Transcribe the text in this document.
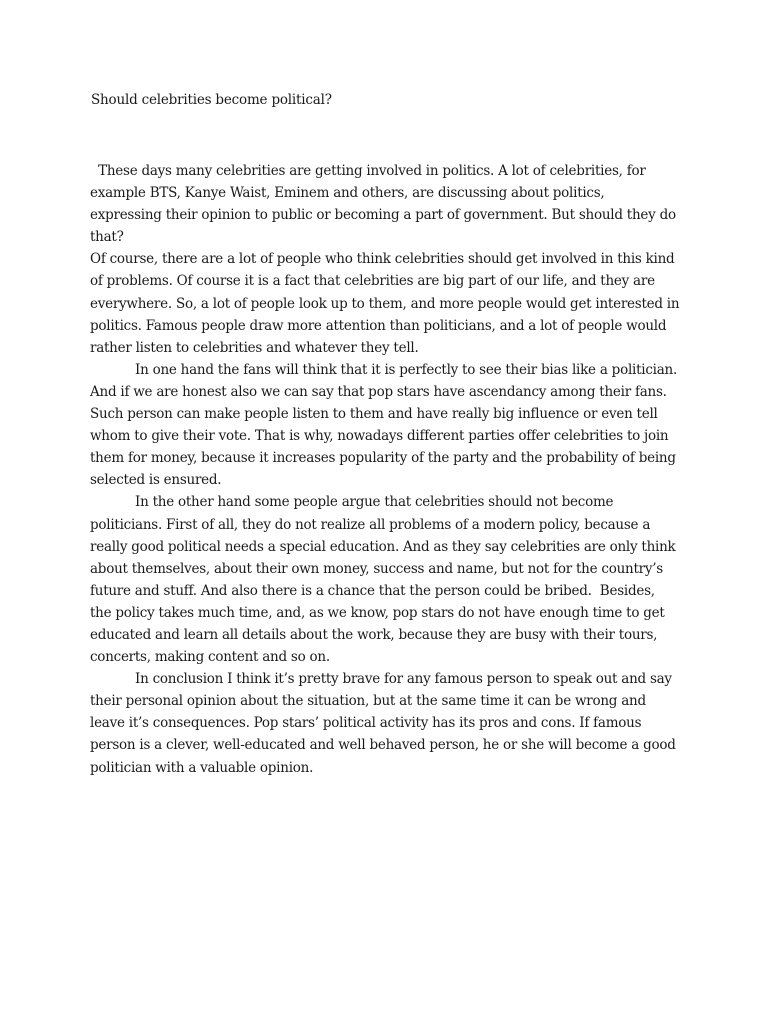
Should celebrities become political?

These days many celebrities are getting involved in politics. A lot of celebrities, for example BTS, Kanye Waist, Eminem and others, are discussing about politics, expressing their opinion to public or becoming a part of government. But should they do that?

Of course, there are a lot of people who think celebrities should get involved in this kind of problems. Of course it is a fact that celebrities are big part of our life, and they are everywhere. So, a lot of people look up to them, and more people would get interested in politics. Famous people draw more attention than politicians, and a lot of people would rather listen to celebrities and whatever they tell.

In one hand the fans will think that it is perfectly to see their bias like a politician. And if we are honest also we can say that pop stars have ascendancy among their fans. Such person can make people listen to them and have really big influence or even tell whom to give their vote. That is why, nowadays different parties offer celebrities to join them for money, because it increases popularity of the party and the probability of being selected is ensured.

In the other hand some people argue that celebrities should not become politicians. First of all, they do not realize all problems of a modern policy, because a really good political needs a special education. And as they say celebrities are only think about themselves, about their own money, success and name, but not for the country’s future and stuff. And also there is a chance that the person could be bribed.  Besides, the policy takes much time, and, as we know, pop stars do not have enough time to get educated and learn all details about the work, because they are busy with their tours, concerts, making content and so on.

In conclusion I think it’s pretty brave for any famous person to speak out and say their personal opinion about the situation, but at the same time it can be wrong and leave it’s consequences. Pop stars’ political activity has its pros and cons. If famous person is a clever, well-educated and well behaved person, he or she will become a good politician with a valuable opinion.
